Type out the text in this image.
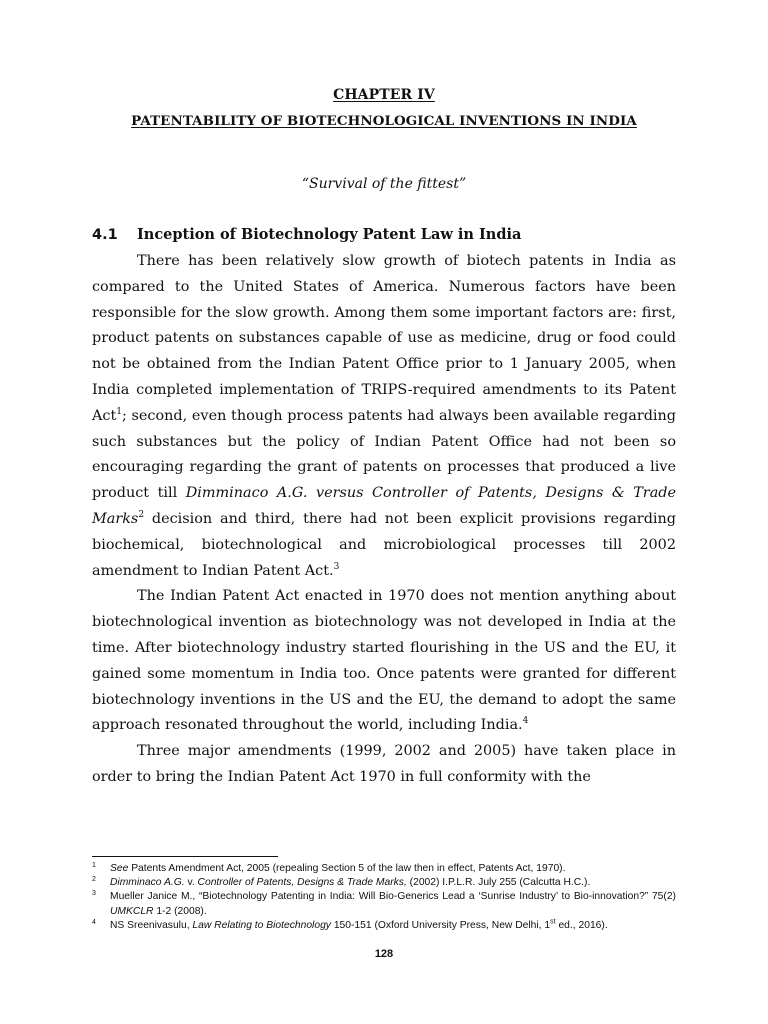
CHAPTER IV
PATENTABILITY OF BIOTECHNOLOGICAL INVENTIONS IN INDIA
“Survival of the fittest”
4.1 Inception of Biotechnology Patent Law in India

There has been relatively slow growth of biotech patents in India as compared to the United States of America. Numerous factors have been responsible for the slow growth. Among them some important factors are: first, product patents on substances capable of use as medicine, drug or food could not be obtained from the Indian Patent Office prior to 1 January 2005, when India completed implementation of TRIPS-required amendments to its Patent Act$^1$; second, even though process patents had always been available regarding such substances but the policy of Indian Patent Office had not been so encouraging regarding the grant of patents on processes that produced a live product till Dimminaco A.G. versus Controller of Patents, Designs & Trade Marks$^2$ decision and third, there had not been explicit provisions regarding biochemical, biotechnological and microbiological processes till 2002 amendment to Indian Patent Act.$^3$

The Indian Patent Act enacted in 1970 does not mention anything about biotechnological invention as biotechnology was not developed in India at the time. After biotechnology industry started flourishing in the US and the EU, it gained some momentum in India too. Once patents were granted for different biotechnology inventions in the US and the EU, the demand to adopt the same approach resonated throughout the world, including India.$^4$

Three major amendments (1999, 2002 and 2005) have taken place in order to bring the Indian Patent Act 1970 in full conformity with the

1 See Patents Amendment Act, 2005 (repealing Section 5 of the law then in effect, Patents Act, 1970).
2 Dimminaco A.G. v. Controller of Patents, Designs & Trade Marks, (2002) I.P.L.R. July 255 (Calcutta H.C.).
3 Mueller Janice M., “Biotechnology Patenting in India: Will Bio-Generics Lead a ‘Sunrise Industry’ to Bio-innovation?” 75(2) UMKCLR 1-2 (2008).
4 NS Sreenivasulu, Law Relating to Biotechnology 150-151 (Oxford University Press, New Delhi, 1st ed., 2016).
128
